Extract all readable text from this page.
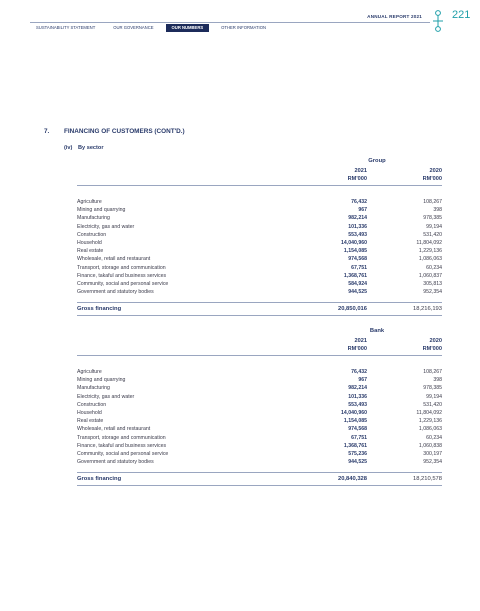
ANNUAL REPORT 2021	221
SUSTAINABILITY STATEMENT	OUR GOVERNANCE	OUR NUMBERS	OTHER INFORMATION
7. FINANCING OF CUSTOMERS (CONT'D.)
(iv) By sector
Group
2021
RM'000
2020
RM'000
Agriculture	76,432	108,267
Mining and quarrying	967	398
Manufacturing	982,214	978,385
Electricity, gas and water	101,336	99,194
Construction	553,493	531,420
Household	14,040,960	11,804,092
Real estate	1,154,085	1,229,136
Wholesale, retail and restaurant	974,568	1,086,063
Transport, storage and communication	67,751	60,234
Finance, takaful and business services	1,368,761	1,060,837
Community, social and personal service	584,924	305,813
Government and statutory bodies	944,525	952,354
Gross financing	20,850,016	18,216,193
Bank
2021
RM'000
2020
RM'000
Agriculture	76,432	108,267
Mining and quarrying	967	398
Manufacturing	982,214	978,385
Electricity, gas and water	101,336	99,194
Construction	553,493	531,420
Household	14,040,960	11,804,092
Real estate	1,154,085	1,229,136
Wholesale, retail and restaurant	974,568	1,086,063
Transport, storage and communication	67,751	60,234
Finance, takaful and business services	1,368,761	1,060,838
Community, social and personal service	575,236	300,197
Government and statutory bodies	944,525	952,354
Gross financing	20,840,328	18,210,578
